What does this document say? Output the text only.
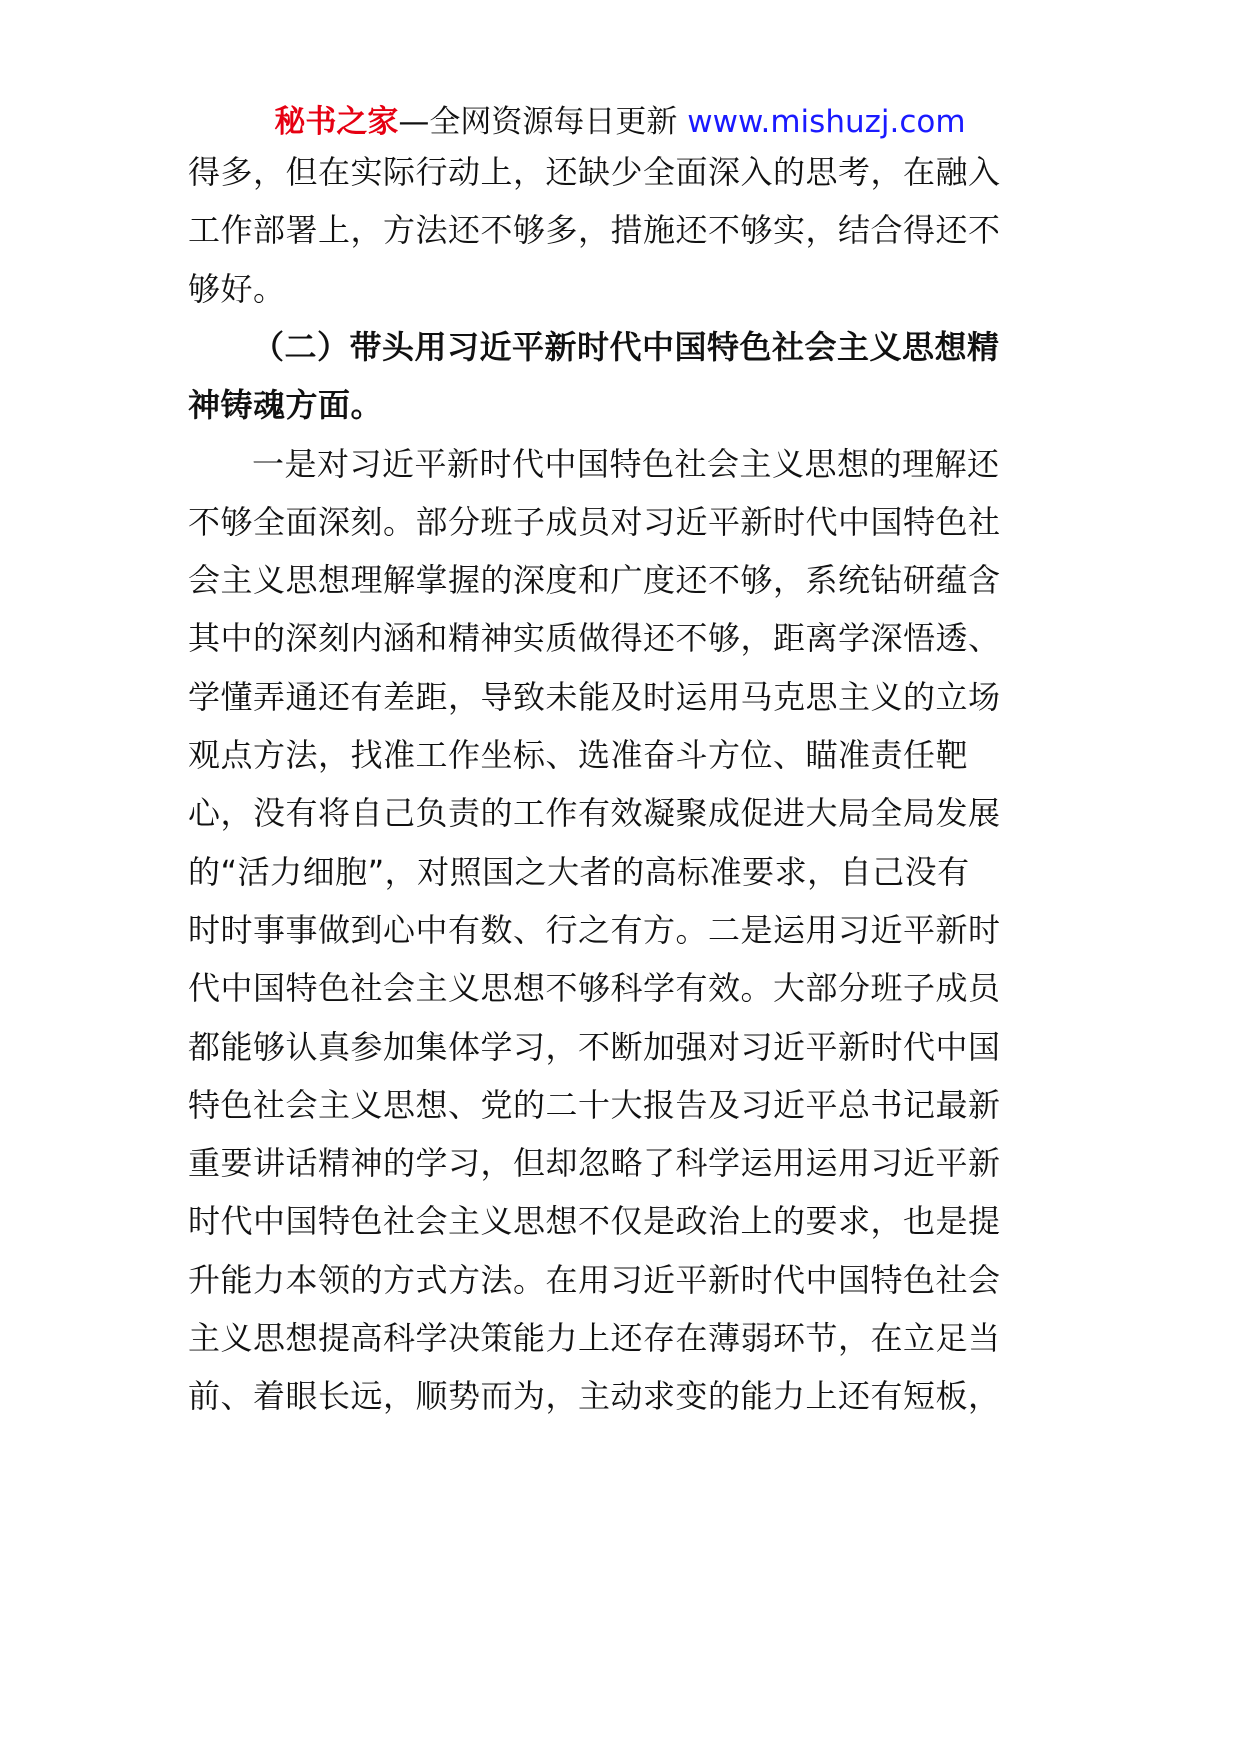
秘书之家—全网资源每日更新 www.mishuzj.com
得多，但在实际行动上，还缺少全面深入的思考，在融入
工作部署上，方法还不够多，措施还不够实，结合得还不
够好。
（二）带头用习近平新时代中国特色社会主义思想精
神铸魂方面。
一是对习近平新时代中国特色社会主义思想的理解还
不够全面深刻。部分班子成员对习近平新时代中国特色社
会主义思想理解掌握的深度和广度还不够，系统钻研蕴含
其中的深刻内涵和精神实质做得还不够，距离学深悟透、
学懂弄通还有差距，导致未能及时运用马克思主义的立场
观点方法，找准工作坐标、选准奋斗方位、瞄准责任靶
心，没有将自己负责的工作有效凝聚成促进大局全局发展
的“活力细胞”，对照国之大者的高标准要求，自己没有
时时事事做到心中有数、行之有方。二是运用习近平新时
代中国特色社会主义思想不够科学有效。大部分班子成员
都能够认真参加集体学习，不断加强对习近平新时代中国
特色社会主义思想、党的二十大报告及习近平总书记最新
重要讲话精神的学习，但却忽略了科学运用运用习近平新
时代中国特色社会主义思想不仅是政治上的要求，也是提
升能力本领的方式方法。在用习近平新时代中国特色社会
主义思想提高科学决策能力上还存在薄弱环节，在立足当
前、着眼长远，顺势而为，主动求变的能力上还有短板，
